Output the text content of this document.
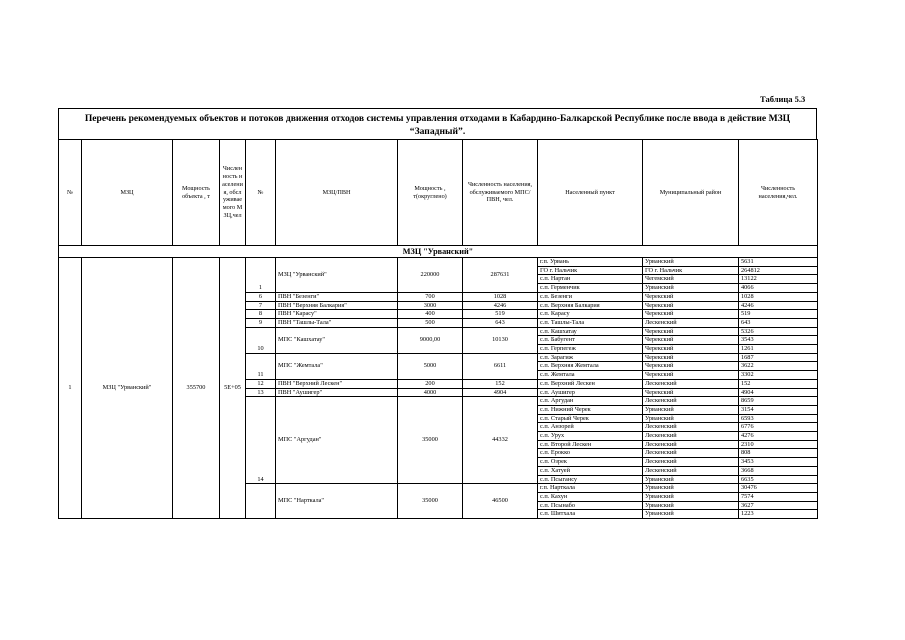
Таблица 5.3
Перечень рекомендуемых объектов и потоков движения отходов системы управления отходами в Кабардино-Балкарской Республике после ввода в действие МЗЦ “Западный”.
№	МЗЦ	Мощность объекта , т	Численность населения, обслуживаемого МЗЦ,чел	№	МЗЦ/ПВН	Мощность , т(округлено)	Численность населения, обслуживаемого МПС/ПВН, чел.	Населенный пункт	Муниципальный район	Численность населения,чел.
МЗЦ "Урванский"										
1	МЗЦ "Урванский"	355700	5E+05	1	МЗЦ "Урванский"	220000	287631	г.п. Урвань	Урванский	5631
								ГО г. Нальчик	ГО г. Нальчик	264812
								с.п. Нартан	Чегемский	13122
								с.п. Герменчик	Урванский	4066
				6	ПВН "Безенги"	700	1028	с.п. Безенги	Черекский	1028
				7	ПВН "Верхняя Балкария"	3000	4246	с.п. Верхняя Балкария	Черекский	4246
				8	ПВН "Карасу"	400	519	с.п. Карасу	Черекский	519
				9	ПВН "Ташлы-Тала"	500	643	с.п. Ташлы-Тала	Лескенский	643
				10	МПС "Кашхатау"	9000,00	10130	с.п. Кашхатау	Черекский	5326
								с.п. Бабугент	Черекский	3543
								с.п. Герпегеж	Черекский	1261
				11	МПС "Жемтала"	5000	6611	с.п. Зарагиж	Черекский	1687
								с.п. Верхняя Жемтала	Черекский	3622
								с.п. Жемтала	Черекский	3302
				12	ПВН "Верхний Лескен"	200	152	с.п. Верхний Лескен	Лескенский	152
				13	ПВН "Аушигер"	4000	4904	с.п. Аушигер	Черекский	4904
				14	МПС "Аргудан"	35000	44332	с.п. Аргудан	Лескенский	8659
								с.п. Нижний Черек	Урванский	3154
								с.п. Старый Черек	Урванский	6593
								с.п. Анзорей	Лескенский	6776
								с.п. Урух	Лескенский	4276
								с.п. Второй Лескен	Лескенский	2310
								с.п. Ерокко	Лескенский	808
								с.п. Озрек	Лескенский	3453
								с.п. Хатуей	Лескенский	3668
								с.п. Псыгансу	Урванский	6635
					МПС "Нарткала"	35000	46500	г.п. Нарткала	Урванский	30476
								с.п. Кахун	Урванский	7574
								с.п. Псынабо	Урванский	3627
								с.п. Шитхала	Урванский	1223
